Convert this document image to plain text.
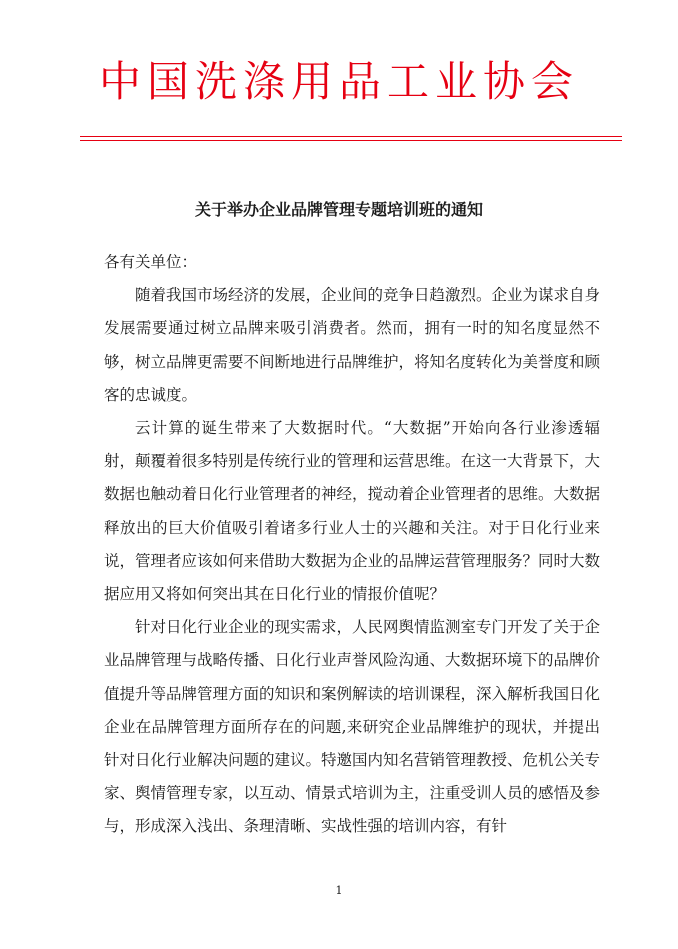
中国洗涤用品工业协会
关于举办企业品牌管理专题培训班的通知

各有关单位：

随着我国市场经济的发展，企业间的竞争日趋激烈。企业为谋求自身发展需要通过树立品牌来吸引消费者。然而，拥有一时的知名度显然不够，树立品牌更需要不间断地进行品牌维护，将知名度转化为美誉度和顾客的忠诚度。

云计算的诞生带来了大数据时代。“大数据”开始向各行业渗透辐射，颠覆着很多特别是传统行业的管理和运营思维。在这一大背景下，大数据也触动着日化行业管理者的神经，搅动着企业管理者的思维。大数据释放出的巨大价值吸引着诸多行业人士的兴趣和关注。对于日化行业来说，管理者应该如何来借助大数据为企业的品牌运营管理服务？同时大数据应用又将如何突出其在日化行业的情报价值呢？

针对日化行业企业的现实需求，人民网舆情监测室专门开发了关于企业品牌管理与战略传播、日化行业声誉风险沟通、大数据环境下的品牌价值提升等品牌管理方面的知识和案例解读的培训课程，深入解析我国日化企业在品牌管理方面所存在的问题,来研究企业品牌维护的现状，并提出针对日化行业解决问题的建议。特邀国内知名营销管理教授、危机公关专家、舆情管理专家，以互动、情景式培训为主，注重受训人员的感悟及参与，形成深入浅出、条理清晰、实战性强的培训内容，有针

1
